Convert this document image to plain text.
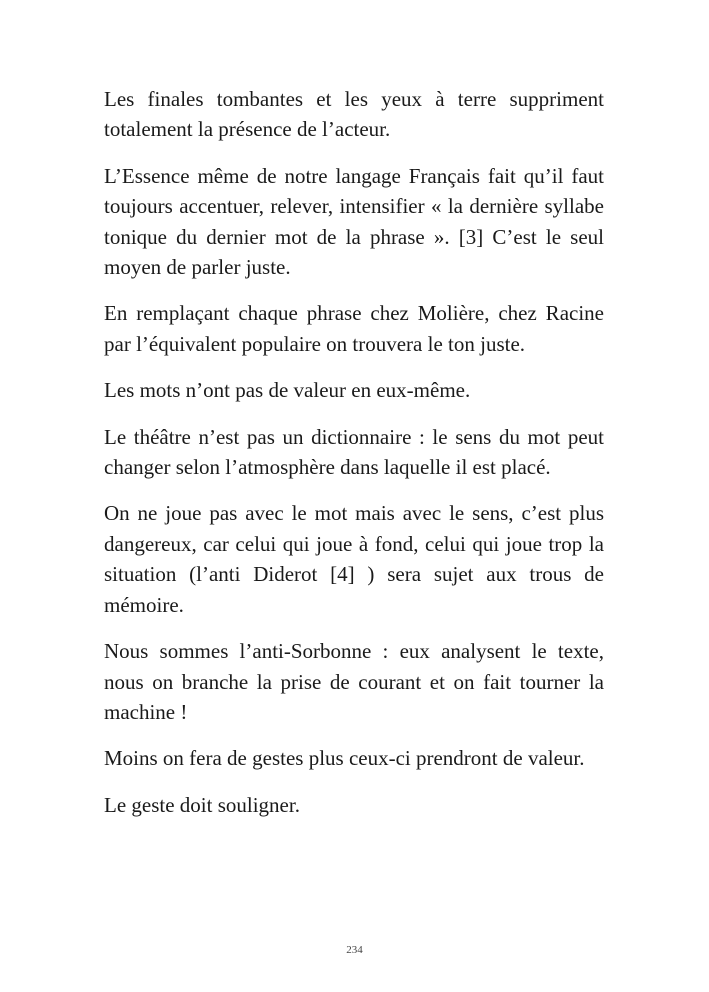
Les finales tombantes et les yeux à terre suppriment totalement la présence de l’acteur.

L’Essence même de notre langage Français fait qu’il faut toujours accentuer, relever, intensifier « la dernière syllabe tonique du dernier mot de la phrase ». [3] C’est le seul moyen de parler juste.

En remplaçant chaque phrase chez Molière, chez Racine par l’équivalent populaire on trouvera le ton juste.

Les mots n’ont pas de valeur en eux-même.

Le théâtre n’est pas un dictionnaire : le sens du mot peut changer selon l’atmosphère dans laquelle il est placé.

On ne joue pas avec le mot mais avec le sens, c’est plus dangereux, car celui qui joue à fond, celui qui joue trop la situation (l’anti Diderot [4] ) sera sujet aux trous de mémoire.

Nous sommes l’anti-Sorbonne : eux analysent le texte, nous on branche la prise de courant et on fait tourner la machine !

Moins on fera de gestes plus ceux-ci prendront de valeur.

Le geste doit souligner.

234
